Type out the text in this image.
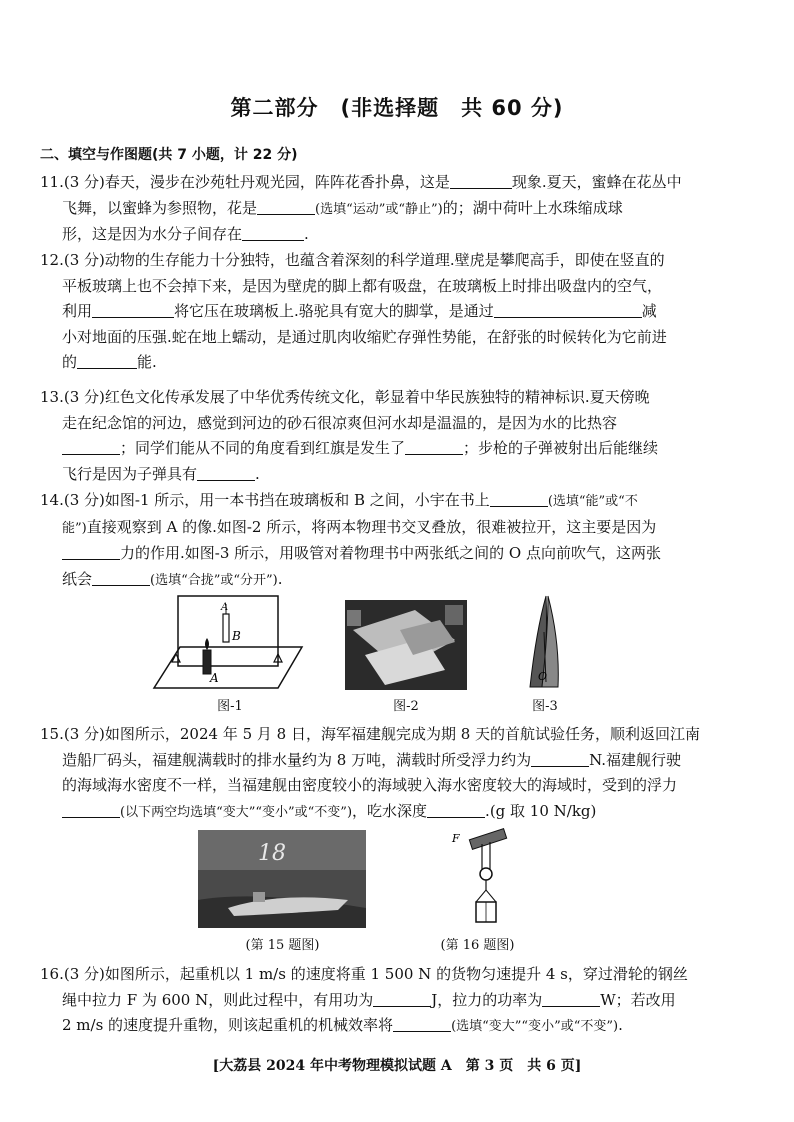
第二部分　(非选择题　共 60 分)
二、填空与作图题(共 7 小题，计 22 分)

11.(3 分)春天，漫步在沙苑牡丹观光园，阵阵花香扑鼻，这是	现象.夏天，蜜蜂在花丛中

飞舞，以蜜蜂为参照物，花是	(选填“运动”或“静止”)的；湖中荷叶上水珠缩成球

形，这是因为水分子间存在	.

12.(3 分)动物的生存能力十分独特，也蕴含着深刻的科学道理.壁虎是攀爬高手，即使在竖直的

平板玻璃上也不会掉下来，是因为壁虎的脚上都有吸盘，在玻璃板上时排出吸盘内的空气，

利用	将它压在玻璃板上.骆驼具有宽大的脚掌，是通过	减

小对地面的压强.蛇在地上蠕动，是通过肌肉收缩贮存弹性势能，在舒张的时候转化为它前进

的	能.

13.(3 分)红色文化传承发展了中华优秀传统文化，彰显着中华民族独特的精神标识.夏天傍晚

走在纪念馆的河边，感觉到河边的砂石很凉爽但河水却是温温的，是因为水的比热容

；同学们能从不同的角度看到红旗是发生了	；步枪的子弹被射出后能继续

飞行是因为子弹具有	.

14.(3 分)如图-1 所示，用一本书挡在玻璃板和 B 之间，小宇在书上	(选填“能”或“不

能”)直接观察到 A 的像.如图-2 所示，将两本物理书交叉叠放，很难被拉开，这主要是因为

力的作用.如图-3 所示，用吸管对着物理书中两张纸之间的 O 点向前吹气，这两张

纸会	(选填“合拢”或“分开”).

A
B
A
图-1	图-2
O
图-3

15.(3 分)如图所示，2024 年 5 月 8 日，海军福建舰完成为期 8 天的首航试验任务，顺利返回江南

造船厂码头，福建舰满载时的排水量约为 8 万吨，满载时所受浮力约为	N.福建舰行驶

的海域海水密度不一样，当福建舰由密度较小的海域驶入海水密度较大的海域时，受到的浮力

(以下两空均选填“变大”“变小”或“不变”)，吃水深度	.(g 取 10 N/kg)

18
(第 15 题图)
F
(第 16 题图)

16.(3 分)如图所示，起重机以 1 m/s 的速度将重 1 500 N 的货物匀速提升 4 s，穿过滑轮的钢丝

绳中拉力 F 为 600 N，则此过程中，有用功为	J，拉力的功率为	W；若改用

2 m/s 的速度提升重物，则该起重机的机械效率将	(选填“变大”“变小”或“不变”).

[大荔县 2024 年中考物理模拟试题 A　第 3 页　共 6 页]
